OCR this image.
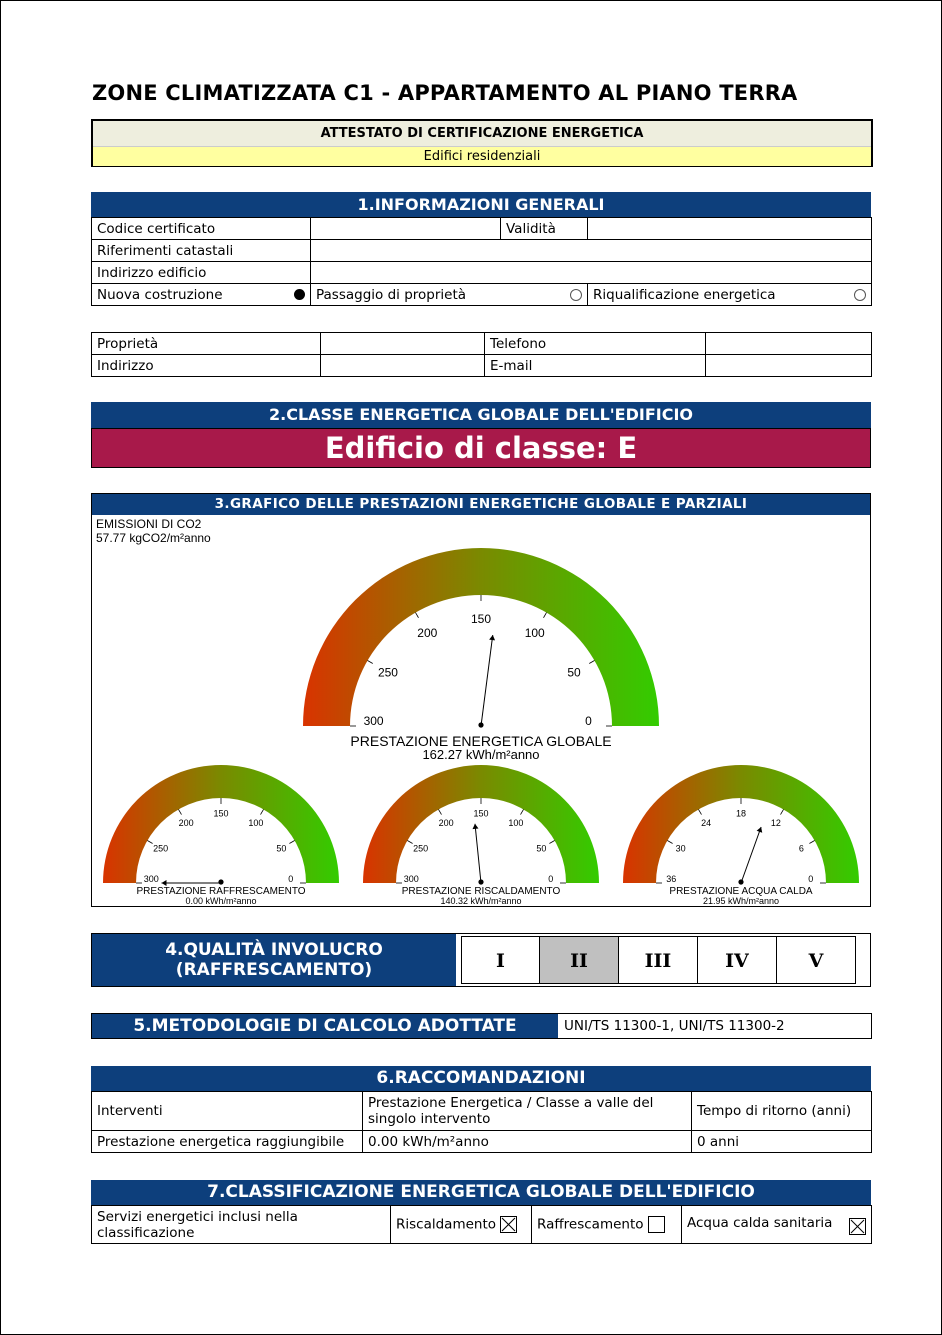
ZONE CLIMATIZZATA C1 - APPARTAMENTO AL PIANO TERRA
ATTESTATO DI CERTIFICAZIONE ENERGETICA
Edifici residenziali
1.INFORMAZIONI GENERALI
Codice certificato		Validità	
Riferimenti catastali			
Indirizzo edificio			
Nuova costruzione	Passaggio di proprietà		Riqualificazione energetica
Proprietà		Telefono	
Indirizzo		E-mail	
2.CLASSE ENERGETICA GLOBALE DELL'EDIFICIO
Edificio di classe: E
3.GRAFICO DELLE PRESTAZIONI ENERGETICHE GLOBALE E PARZIALI
EMISSIONI DI CO2
57.77 kgCO2/m²anno
300
250
200
150
100
50
0
PRESTAZIONE ENERGETICA GLOBALE
162.27 kWh/m²anno
300
250
200
150
100
50
0
PRESTAZIONE RAFFRESCAMENTO
0.00 kWh/m²anno
300
250
200
150
100
50
0
PRESTAZIONE RISCALDAMENTO
140.32 kWh/m²anno
36
30
24
18
12
6
0
PRESTAZIONE ACQUA CALDA
21.95 kWh/m²anno
4.QUALITÀ INVOLUCRO
(RAFFRESCAMENTO)	I	II	III	IV	V
5.METODOLOGIE DI CALCOLO ADOTTATE	UNI/TS 11300-1, UNI/TS 11300-2
6.RACCOMANDAZIONI
Interventi	Prestazione Energetica / Classe a valle del singolo intervento	Tempo di ritorno (anni)
Prestazione energetica raggiungibile	0.00 kWh/m²anno	0 anni
7.CLASSIFICAZIONE ENERGETICA GLOBALE DELL'EDIFICIO
Servizi energetici inclusi nella classificazione	Riscaldamento	Raffrescamento	Acqua calda sanitaria
